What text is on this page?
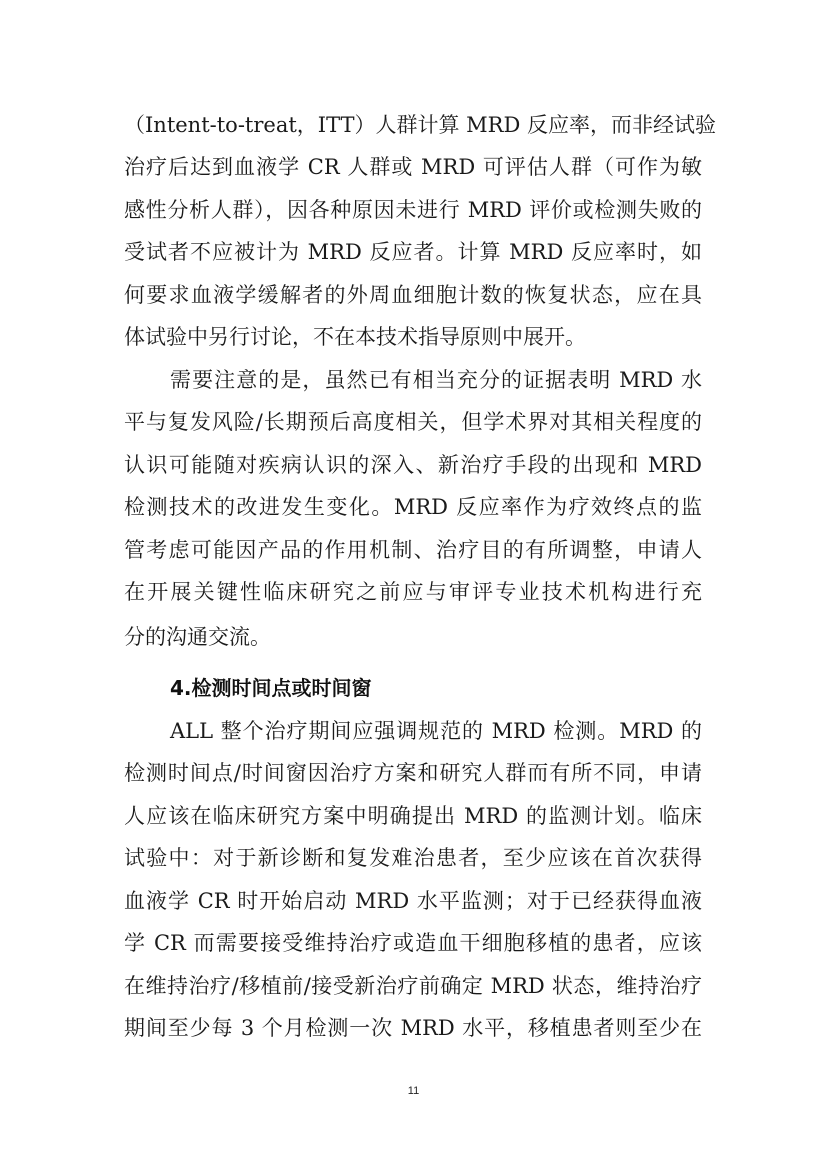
（Intent-to-treat，ITT）人群计算 MRD 反应率，而非经试验
治疗后达到血液学 CR 人群或 MRD 可评估人群（可作为敏
感性分析人群），因各种原因未进行 MRD 评价或检测失败的
受试者不应被计为 MRD 反应者。计算 MRD 反应率时，如
何要求血液学缓解者的外周血细胞计数的恢复状态，应在具
体试验中另行讨论，不在本技术指导原则中展开。
需要注意的是，虽然已有相当充分的证据表明 MRD 水
平与复发风险/长期预后高度相关，但学术界对其相关程度的
认识可能随对疾病认识的深入、新治疗手段的出现和 MRD
检测技术的改进发生变化。MRD 反应率作为疗效终点的监
管考虑可能因产品的作用机制、治疗目的有所调整，申请人
在开展关键性临床研究之前应与审评专业技术机构进行充
分的沟通交流。
4.检测时间点或时间窗
ALL 整个治疗期间应强调规范的 MRD 检测。MRD 的
检测时间点/时间窗因治疗方案和研究人群而有所不同，申请
人应该在临床研究方案中明确提出 MRD 的监测计划。临床
试验中：对于新诊断和复发难治患者，至少应该在首次获得
血液学 CR 时开始启动 MRD 水平监测；对于已经获得血液
学 CR 而需要接受维持治疗或造血干细胞移植的患者，应该
在维持治疗/移植前/接受新治疗前确定 MRD 状态，维持治疗
期间至少每 3 个月检测一次 MRD 水平，移植患者则至少在
11
